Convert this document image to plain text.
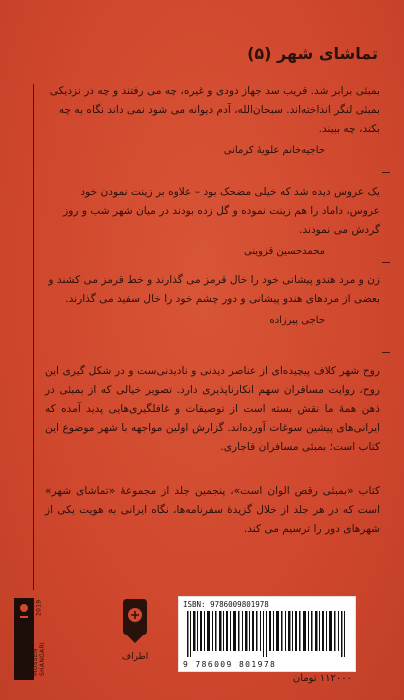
تماشای شهر (۵)
بمبئی برابر شد. قریب سد جهاز دودی و غیره، چه می رفتند و چه در نزدیکی بمبئی لنگر انداخته‌اند. سبحان‌الله، آدم دیوانه می شود نمی داند نگاه به چه بکند، چه ببیند.
حاجیه‌خانم علویهٔ کرمانی
یک عروس دیده شد که خیلی مضحک بود – علاوه بر زینت نمودن خود عروس، داماد را هم زینت نموده و گل زده بودند در میان شهر شب و روز گردش می نمودند.
محمدحسین قزوینی
زن و مرد هندو پیشانی خود را خال قرمز می گذارند و خط قرمز می کشند و بعضی از مردهای هندو پیشانی و دور چشم خود را خال سفید می گذارند.
حاجی پیرزاده
روح شهر کلاف پیچیده‌ای از عناصر دیدنی و نادیدنی‌ست و در شکل گیری این روح، روایت مسافران سهم انکارناپذیری دارد. تصویر خیالی که از بمبئی در ذهن همهٔ ما نقش بسته است از توصیفات و غافلگیری‌هایی پدید آمده که ایرانی‌های پیشین سوغات آورده‌اند. گزارش اولین مواجهه با شهر موضوع این کتاب است؛ بمبئی مسافران قاجاری.
کتاب «بمبئی رقص الوان است»، پنجمین جلد از مجموعهٔ «تماشای شهر» است که در هر جلد از خلال گزیدهٔ سفرنامه‌ها، نگاه ایرانی به هویت یکی از شهرهای دور را ترسیم می کند.
MOSSEN SHANGARI
2019
اطراف
ISBN: 9786009801978
9 786009 801978
۱۱۲۰۰۰ تومان
